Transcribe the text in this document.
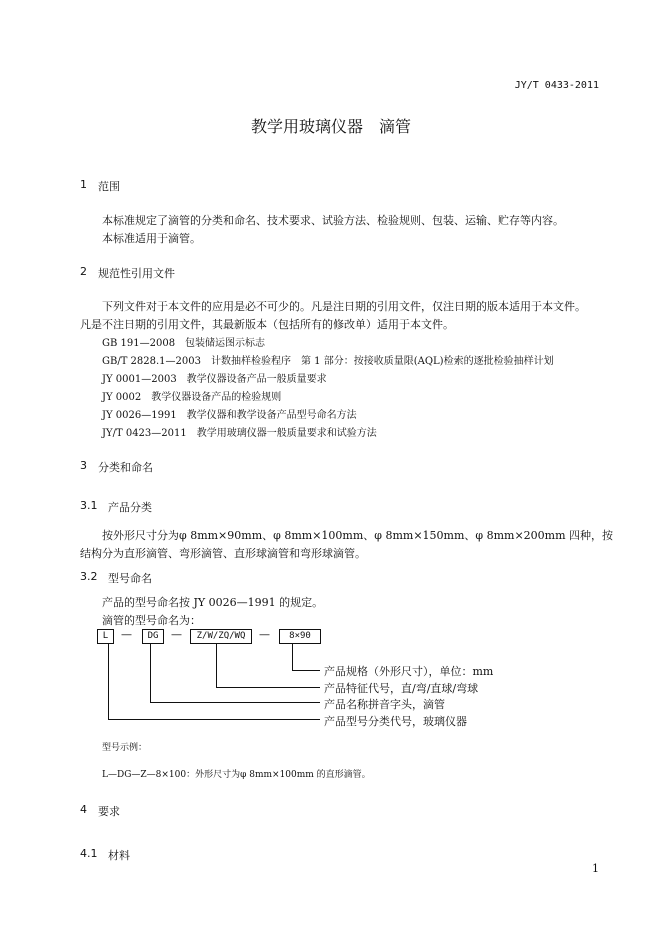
JY/T 0433-2011
教学用玻璃仪器　滴管
1 范围
本标准规定了滴管的分类和命名、技术要求、试验方法、检验规则、包装、运输、贮存等内容。
本标准适用于滴管。
2 规范性引用文件
下列文件对于本文件的应用是必不可少的。凡是注日期的引用文件，仅注日期的版本适用于本文件。
凡是不注日期的引用文件，其最新版本（包括所有的修改单）适用于本文件。
GB 191—2008　包装储运图示标志
GB/T 2828.1—2003　计数抽样检验程序　第 1 部分：按接收质量限(AQL)检索的逐批检验抽样计划
JY 0001—2003　教学仪器设备产品一般质量要求
JY 0002　教学仪器设备产品的检验规则
JY 0026—1991　教学仪器和教学设备产品型号命名方法
JY/T 0423—2011　教学用玻璃仪器一般质量要求和试验方法
3 分类和命名
3.1 产品分类
按外形尺寸分为φ 8mm×90mm、φ 8mm×100mm、φ 8mm×150mm、φ 8mm×200mm 四种，按
结构分为直形滴管、弯形滴管、直形球滴管和弯形球滴管。
3.2 型号命名
产品的型号命名按 JY 0026—1991 的规定。
滴管的型号命名为：
L	—	DG	—	Z/W/ZQ/WQ	—	8×90
产品规格（外形尺寸），单位：mm
产品特征代号，直/弯/直球/弯球
产品名称拼音字头，滴管
产品型号分类代号，玻璃仪器
型号示例：
L—DG—Z—8×100：外形尺寸为φ 8mm×100mm 的直形滴管。
4 要求
4.1 材料
1
